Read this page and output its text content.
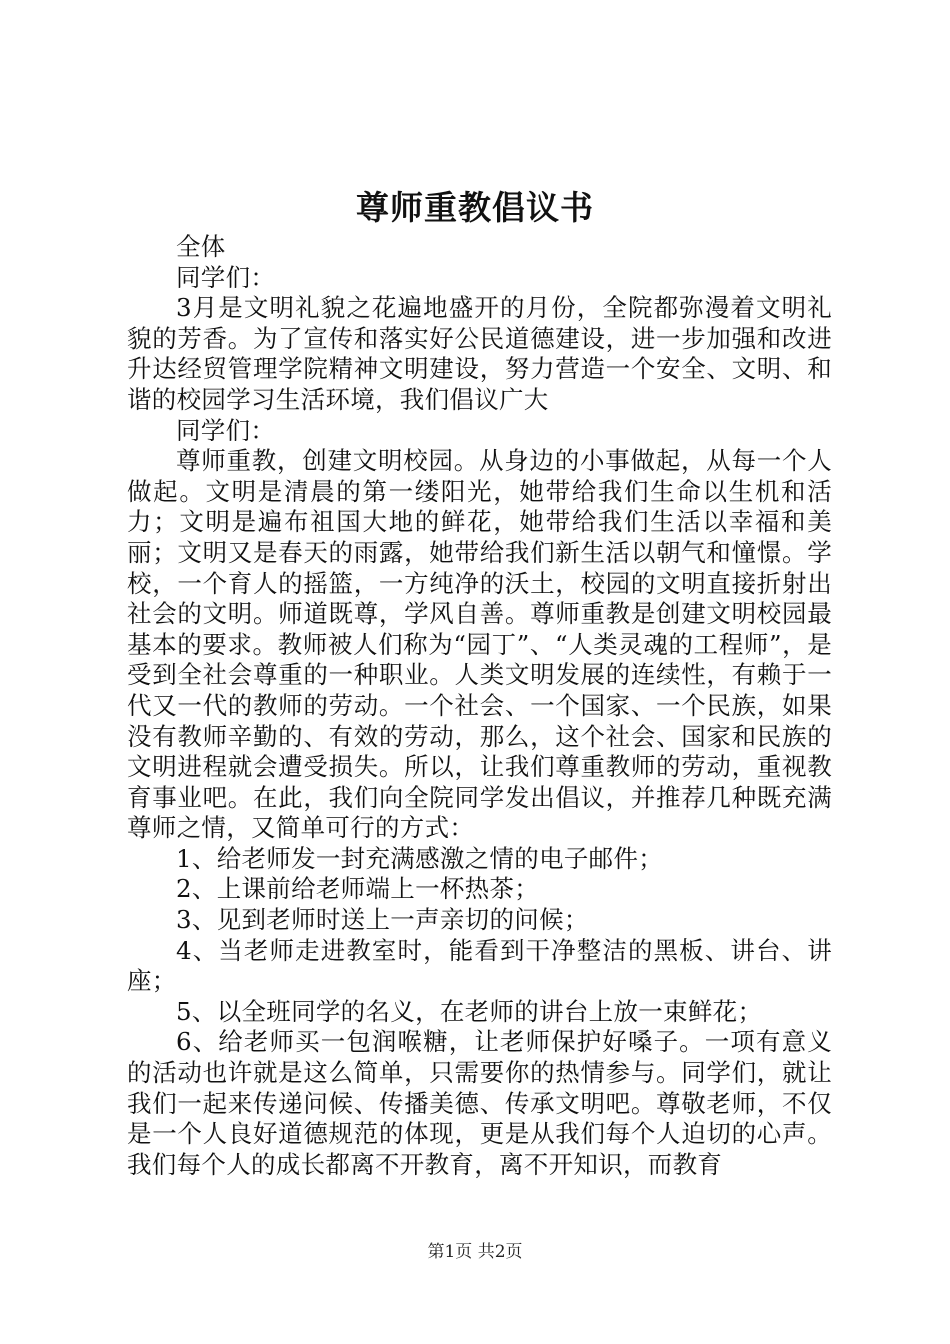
尊师重教倡议书

全体

同学们：

3月是文明礼貌之花遍地盛开的月份，全院都弥漫着文明礼貌的芳香。为了宣传和落实好公民道德建设，进一步加强和改进升达经贸管理学院精神文明建设，努力营造一个安全、文明、和谐的校园学习生活环境，我们倡议广大

同学们：

尊师重教，创建文明校园。从身边的小事做起，从每一个人做起。文明是清晨的第一缕阳光，她带给我们生命以生机和活力；文明是遍布祖国大地的鲜花，她带给我们生活以幸福和美丽；文明又是春天的雨露，她带给我们新生活以朝气和憧憬。学校，一个育人的摇篮，一方纯净的沃土，校园的文明直接折射出社会的文明。师道既尊，学风自善。尊师重教是创建文明校园最基本的要求。教师被人们称为“园丁”、“人类灵魂的工程师”，是受到全社会尊重的一种职业。人类文明发展的连续性，有赖于一代又一代的教师的劳动。一个社会、一个国家、一个民族，如果没有教师辛勤的、有效的劳动，那么，这个社会、国家和民族的文明进程就会遭受损失。所以，让我们尊重教师的劳动，重视教育事业吧。在此，我们向全院同学发出倡议，并推荐几种既充满尊师之情，又简单可行的方式：

1、给老师发一封充满感激之情的电子邮件；

2、上课前给老师端上一杯热茶；

3、见到老师时送上一声亲切的问候；

4、当老师走进教室时，能看到干净整洁的黑板、讲台、讲座；

5、以全班同学的名义，在老师的讲台上放一束鲜花；

6、给老师买一包润喉糖，让老师保护好嗓子。一项有意义的活动也许就是这么简单，只需要你的热情参与。同学们，就让我们一起来传递问候、传播美德、传承文明吧。尊敬老师，不仅是一个人良好道德规范的体现，更是从我们每个人迫切的心声。我们每个人的成长都离不开教育，离不开知识，而教育

第1页 共2页
